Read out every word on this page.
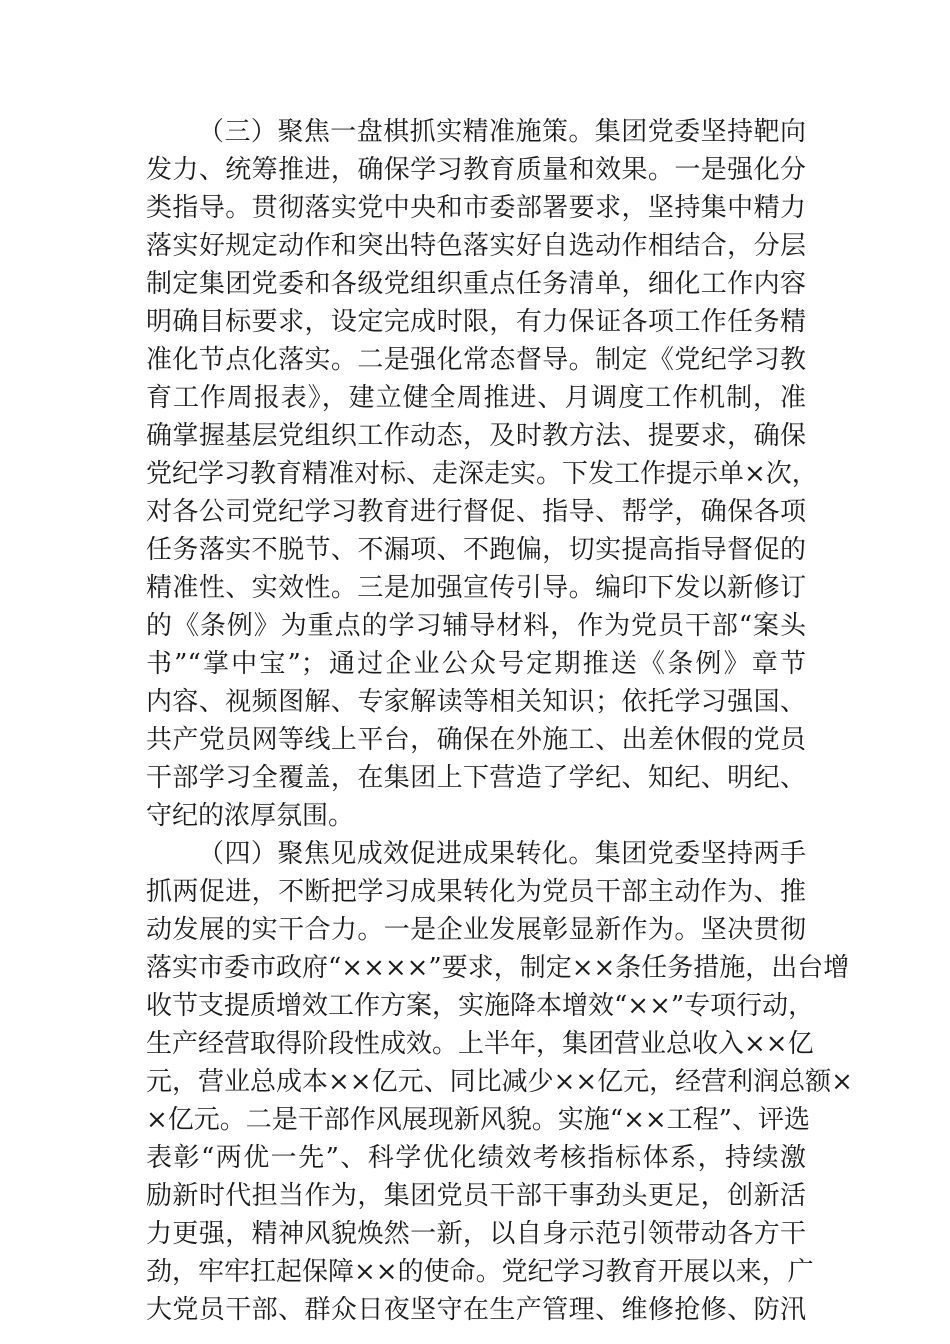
（三）聚焦一盘棋抓实精准施策。集团党委坚持靶向
发力、统筹推进，确保学习教育质量和效果。一是强化分
类指导。贯彻落实党中央和市委部署要求，坚持集中精力
落实好规定动作和突出特色落实好自选动作相结合，分层
制定集团党委和各级党组织重点任务清单，细化工作内容
明确目标要求，设定完成时限，有力保证各项工作任务精
准化节点化落实。二是强化常态督导。制定《党纪学习教
育工作周报表》，建立健全周推进、月调度工作机制，准
确掌握基层党组织工作动态，及时教方法、提要求，确保
党纪学习教育精准对标、走深走实。下发工作提示单×次，
对各公司党纪学习教育进行督促、指导、帮学，确保各项
任务落实不脱节、不漏项、不跑偏，切实提高指导督促的
精准性、实效性。三是加强宣传引导。编印下发以新修订
的《条例》为重点的学习辅导材料，作为党员干部“案头
书”“掌中宝”；通过企业公众号定期推送《条例》章节
内容、视频图解、专家解读等相关知识；依托学习强国、
共产党员网等线上平台，确保在外施工、出差休假的党员
干部学习全覆盖，在集团上下营造了学纪、知纪、明纪、
守纪的浓厚氛围。
（四）聚焦见成效促进成果转化。集团党委坚持两手
抓两促进，不断把学习成果转化为党员干部主动作为、推
动发展的实干合力。一是企业发展彰显新作为。坚决贯彻
落实市委市政府“××××”要求，制定××条任务措施，出台增
收节支提质增效工作方案，实施降本增效“××”专项行动，
生产经营取得阶段性成效。上半年，集团营业总收入××亿
元，营业总成本××亿元、同比减少××亿元，经营利润总额×
×亿元。二是干部作风展现新风貌。实施“××工程”、评选
表彰“两优一先”、科学优化绩效考核指标体系，持续激
励新时代担当作为，集团党员干部干事劲头更足，创新活
力更强，精神风貌焕然一新，以自身示范引领带动各方干
劲，牢牢扛起保障××的使命。党纪学习教育开展以来，广
大党员干部、群众日夜坚守在生产管理、维修抢修、防汛
